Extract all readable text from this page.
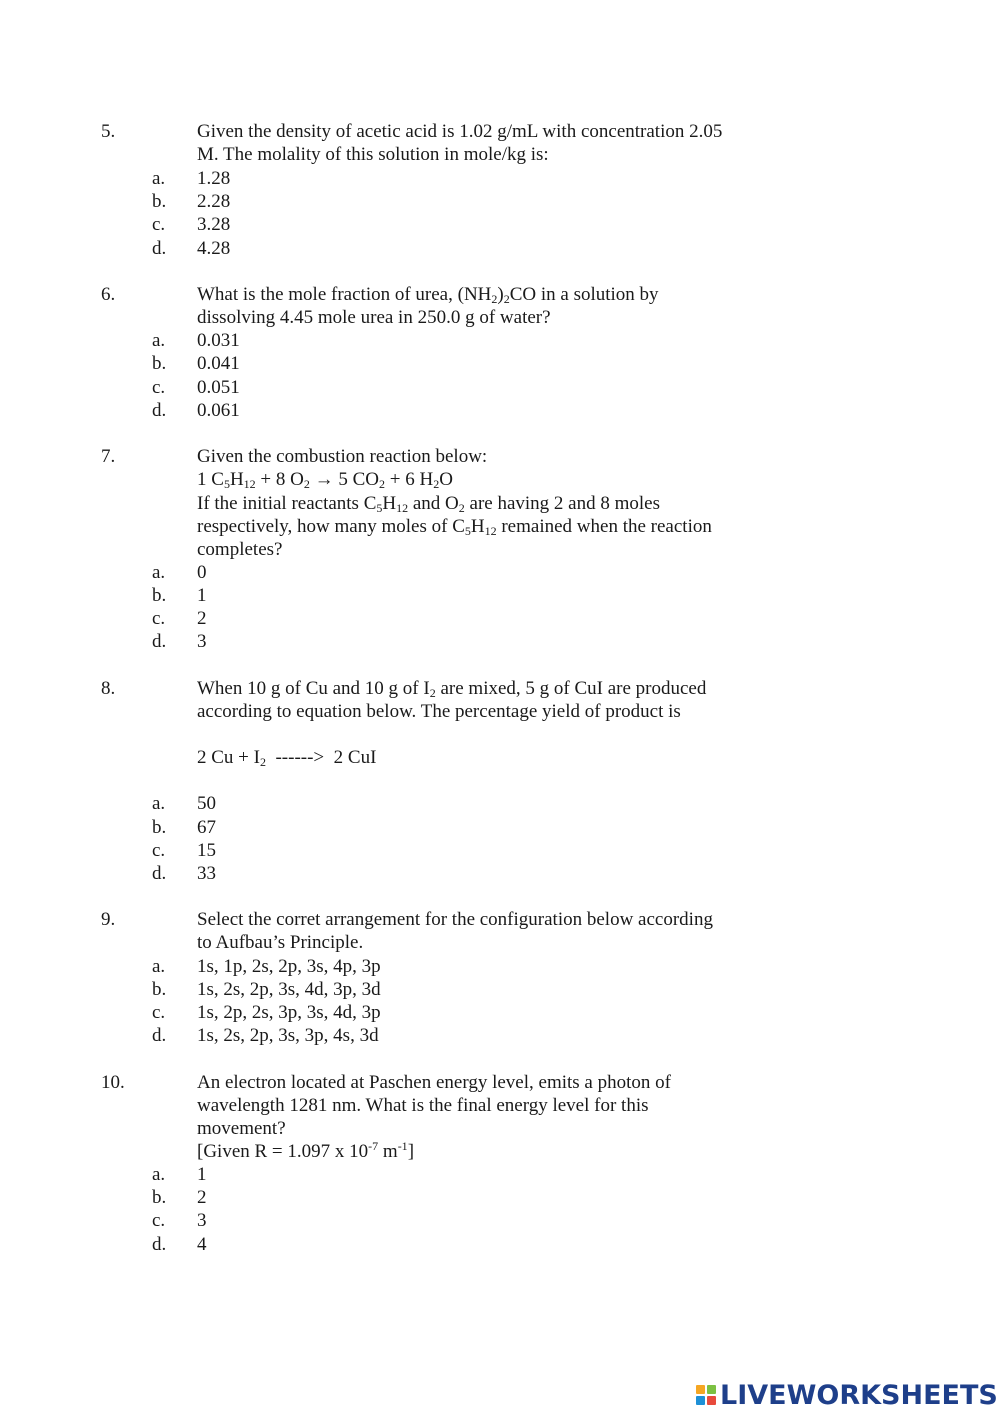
5.	Given the density of acetic acid is 1.02 g/mL with concentration 2.05
M. The molality of this solution in mole/kg is:
a. 1.28
b. 2.28
c. 3.28
d. 4.28
6.	What is the mole fraction of urea, $(NH_2)_2CO$ in a solution by
dissolving 4.45 mole urea in 250.0 g of water?
a. 0.031
b. 0.041
c. 0.051
d. 0.061
7.	Given the combustion reaction below:
1 $C_5H_{12} + 8$ $O_2 \to 5$ $CO_2 + 6$ $H_2O$
If the initial reactants $C_5H_{12}$ and $O_2$ are having 2 and 8 moles
respectively, how many moles of $C_5H_{12}$ remained when the reaction
completes?
a. 0
b. 1
c. 2
d. 3
8.	When 10 g of Cu and 10 g of $I_2$ are mixed, 5 g of CuI are produced
according to equation below. The percentage yield of product is
2 $Cu + I_2$  ------>  2 CuI
a. 50
b. 67
c. 15
d. 33
9.	Select the corret arrangement for the configuration below according
to Aufbau’s Principle.
a. 1s, 1p, 2s, 2p, 3s, 4p, 3p
b. 1s, 2s, 2p, 3s, 4d, 3p, 3d
c. 1s, 2p, 2s, 3p, 3s, 4d, 3p
d. 1s, 2s, 2p, 3s, 3p, 4s, 3d
10.	An electron located at Paschen energy level, emits a photon of
wavelength 1281 nm. What is the final energy level for this
movement?
[Given R = 1.097 x $10^{-7}$ $m^{-1}$]
a. 1
b. 2
c. 3
d. 4
LIVEWORKSHEETS
